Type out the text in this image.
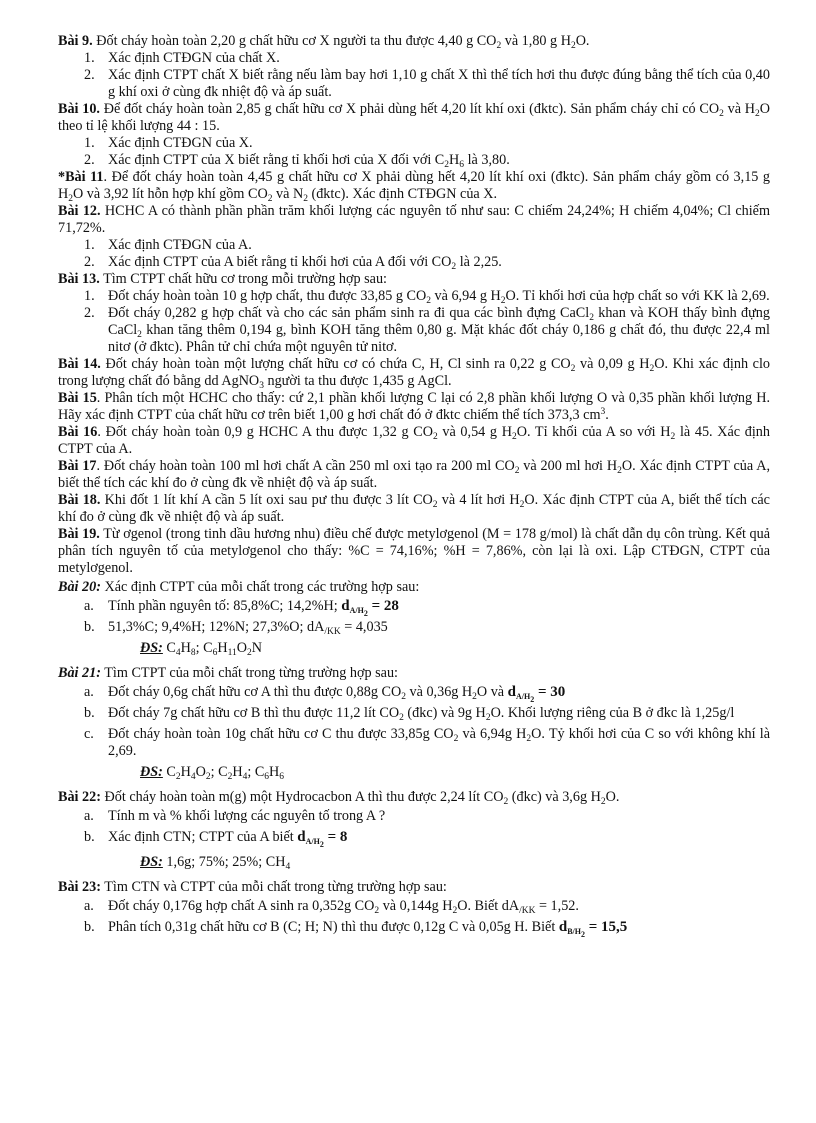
Bài 9. Đốt cháy hoàn toàn 2,20 g chất hữu cơ X người ta thu được 4,40 g $CO_2$ và 1,80 g $H_2O$.

1. Xác định CTĐGN của chất X.
2. Xác định CTPT chất X biết rằng nếu làm bay hơi 1,10 g chất X thì thể tích hơi thu được đúng bằng thể tích của 0,40 g khí oxi ở cùng đk nhiệt độ và áp suất.

Bài 10. Để đốt cháy hoàn toàn 2,85 g chất hữu cơ X phải dùng hết 4,20 lít khí oxi (đktc). Sản phẩm cháy chỉ có $CO_2$ và $H_2O$ theo tỉ lệ khối lượng 44 : 15.

1. Xác định CTĐGN của X.
2. Xác định CTPT của X biết rằng tỉ khối hơi của X đối với $C_2H_6$ là 3,80.

*Bài 11. Để đốt cháy hoàn toàn 4,45 g chất hữu cơ X phải dùng hết 4,20 lít khí oxi (đktc). Sản phẩm cháy gồm có 3,15 g $H_2O$ và 3,92 lít hỗn hợp khí gồm $CO_2$ và $N_2$ (đktc). Xác định CTĐGN của X.

Bài 12. HCHC A có thành phần phần trăm khối lượng các nguyên tố như sau: C chiếm 24,24%; H chiếm 4,04%; Cl chiếm 71,72%.

1. Xác định CTĐGN của A.
2. Xác định CTPT của A biết rằng tỉ khối hơi của A đối với $CO_2$ là 2,25.

Bài 13. Tìm CTPT chất hữu cơ trong mỗi trường hợp sau:

1. Đốt cháy hoàn toàn 10 g hợp chất, thu được 33,85 g $CO_2$ và 6,94 g $H_2O$. Tỉ khối hơi của hợp chất so với KK là 2,69.
2. Đốt cháy 0,282 g hợp chất và cho các sản phẩm sinh ra đi qua các bình đựng CaCl$_2$ khan và KOH thấy bình đựng CaCl$_2$ khan tăng thêm 0,194 g, bình KOH tăng thêm 0,80 g. Mặt khác đốt cháy 0,186 g chất đó, thu được 22,4 ml nitơ (ở đktc). Phân tử chỉ chứa một nguyên tử nitơ.

Bài 14. Đốt cháy hoàn toàn một lượng chất hữu cơ có chứa C, H, Cl sinh ra 0,22 g $CO_2$ và 0,09 g $H_2O$. Khi xác định clo trong lượng chất đó bằng dd AgNO$_3$ người ta thu được 1,435 g AgCl.

Bài 15. Phân tích một HCHC cho thấy: cứ 2,1 phần khối lượng C lại có 2,8 phần khối lượng O và 0,35 phần khối lượng H. Hãy xác định CTPT của chất hữu cơ trên biết 1,00 g hơi chất đó ở đktc chiếm thể tích 373,3 $cm^3$.

Bài 16. Đốt cháy hoàn toàn 0,9 g HCHC A thu được 1,32 g $CO_2$ và 0,54 g $H_2O$. Tỉ khối của A so với $H_2$ là 45. Xác định CTPT của A.

Bài 17. Đốt cháy hoàn toàn 100 ml hơi chất A cần 250 ml oxi tạo ra 200 ml $CO_2$ và 200 ml hơi $H_2O$. Xác định CTPT của A, biết thể tích các khí đo ở cùng đk về nhiệt độ và áp suất.

Bài 18. Khi đốt 1 lít khí A cần 5 lít oxi sau pư thu được 3 lít $CO_2$ và 4 lít hơi $H_2O$. Xác định CTPT của A, biết thể tích các khí đo ở cùng đk về nhiệt độ và áp suất.

Bài 19. Từ ơgenol (trong tinh dầu hương nhu) điều chế được metylơgenol (M = 178 g/mol) là chất dẫn dụ côn trùng. Kết quả phân tích nguyên tố của metylơgenol cho thấy: %C = 74,16%; %H = 7,86%, còn lại là oxi. Lập CTĐGN, CTPT của metylơgenol.

Bài 20: Xác định CTPT của mỗi chất trong các trường hợp sau:

a. Tính phần nguyên tố: 85,8%C; 14,2%H; $d_{A/H_2} = 28$
b. 51,3%C; 9,4%H; 12%N; 27,3%O; $dA_{/KK} = 4,035$
ĐS: $C_4H_8$; $C_6H_{11}O_2N$

Bài 21: Tìm CTPT của mỗi chất trong từng trường hợp sau:

a. Đốt cháy 0,6g chất hữu cơ A thì thu được 0,88g $CO_2$ và 0,36g $H_2O$ và $d_{A/H_2} = 30$
b. Đốt cháy 7g chất hữu cơ B thì thu được 11,2 lít $CO_2$ (đkc) và 9g $H_2O$. Khối lượng riêng của B ở đkc là 1,25g/l
c. Đốt cháy hoàn toàn 10g chất hữu cơ C thu được 33,85g $CO_2$ và 6,94g $H_2O$. Tỷ khối hơi của C so với không khí là 2,69.
ĐS: $C_2H_4O_2$; $C_2H_4$; $C_6H_6$

Bài 22: Đốt cháy hoàn toàn m(g) một Hydrocacbon A thì thu được 2,24 lít $CO_2$ (đkc) và 3,6g $H_2O$.

a. Tính m và % khối lượng các nguyên tố trong A ?
b. Xác định CTN; CTPT của A biết $d_{A/H_2} = 8$
ĐS: 1,6g; 75%; 25%; $CH_4$

Bài 23: Tìm CTN và CTPT của mỗi chất trong từng trường hợp sau:

a. Đốt cháy 0,176g hợp chất A sinh ra 0,352g $CO_2$ và 0,144g $H_2O$. Biết $dA_{/KK} = 1,52$.
b. Phân tích 0,31g chất hữu cơ B (C; H; N) thì thu được 0,12g C và 0,05g H. Biết $d_{B/H_2} = 15,5$
